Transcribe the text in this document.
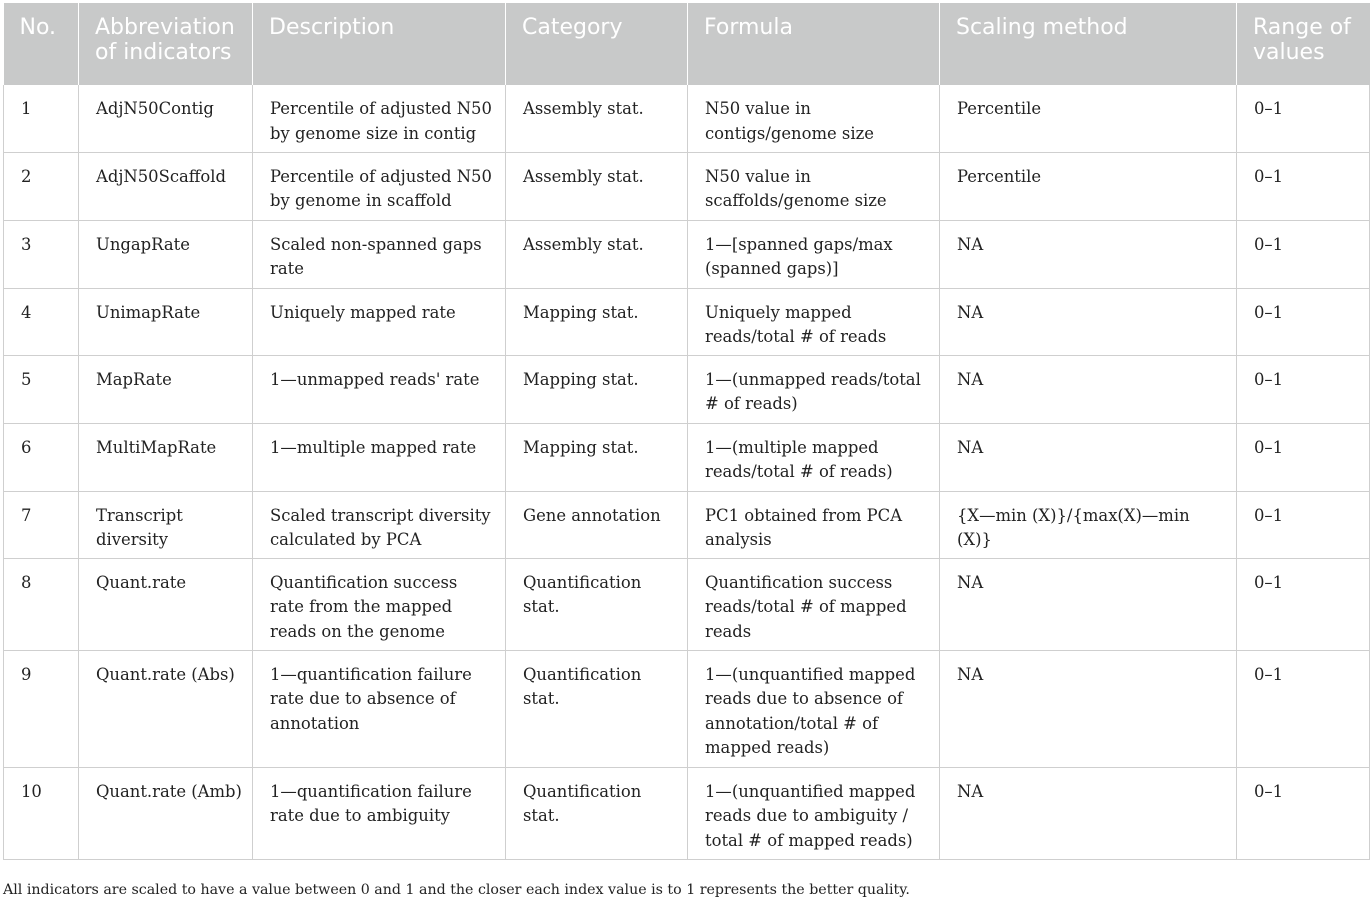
No.	Abbreviation of indicators	Description	Category	Formula	Scaling method	Range of values
1	AdjN50Contig	Percentile of adjusted N50 by genome size in contig	Assembly stat.	N50 value in contigs/genome size	Percentile	0–1
2	AdjN50Scaffold	Percentile of adjusted N50 by genome in scaffold	Assembly stat.	N50 value in scaffolds/genome size	Percentile	0–1
3	UngapRate	Scaled non-spanned gaps rate	Assembly stat.	1—[spanned gaps/max (spanned gaps)]	NA	0–1
4	UnimapRate	Uniquely mapped rate	Mapping stat.	Uniquely mapped reads/total # of reads	NA	0–1
5	MapRate	1—unmapped reads' rate	Mapping stat.	1—(unmapped reads/total # of reads)	NA	0–1
6	MultiMapRate	1—multiple mapped rate	Mapping stat.	1—(multiple mapped reads/total # of reads)	NA	0–1
7	Transcript diversity	Scaled transcript diversity calculated by PCA	Gene annotation	PC1 obtained from PCA analysis	{X—min (X)}/{max(X)—min (X)}	0–1
8	Quant.rate	Quantification success rate from the mapped reads on the genome	Quantification stat.	Quantification success reads/total # of mapped reads	NA	0–1
9	Quant.rate (Abs)	1—quantification failure rate due to absence of annotation	Quantification stat.	1—(unquantified mapped reads due to absence of annotation/total # of mapped reads)	NA	0–1
10	Quant.rate (Amb)	1—quantification failure rate due to ambiguity	Quantification stat.	1—(unquantified mapped reads due to ambiguity / total # of mapped reads)	NA	0–1
All indicators are scaled to have a value between 0 and 1 and the closer each index value is to 1 represents the better quality.
